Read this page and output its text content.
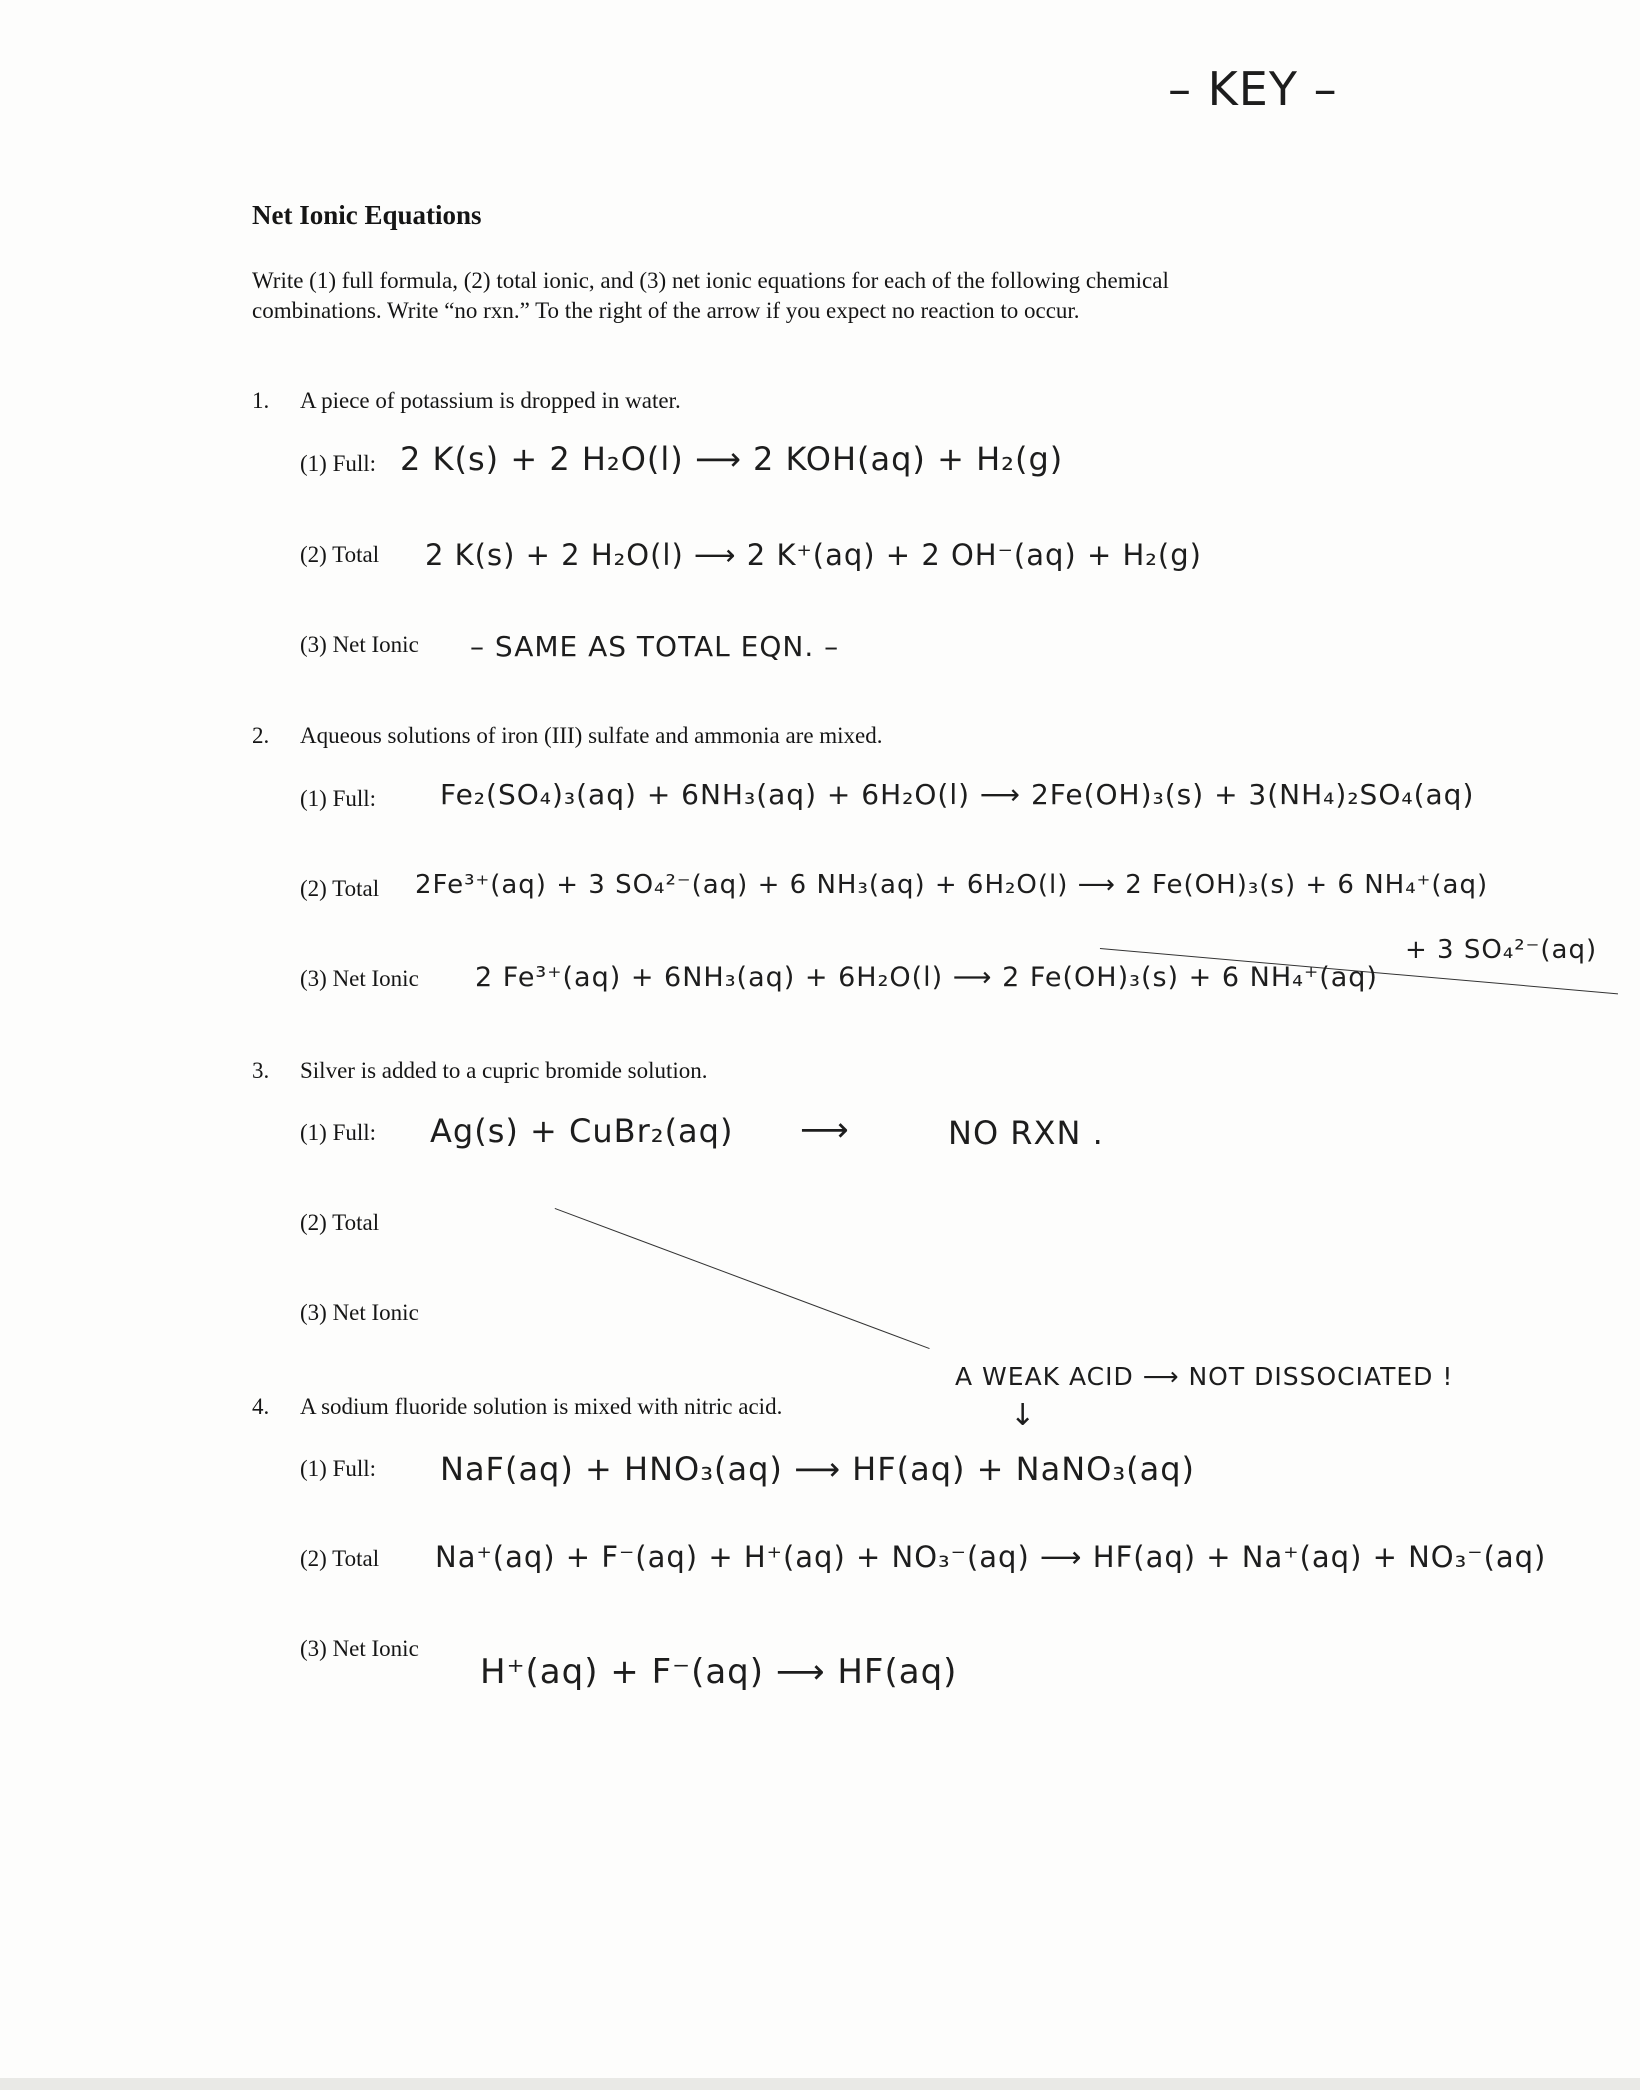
– KEY –
Net Ionic Equations
Write (1) full formula, (2) total ionic, and (3) net ionic equations for each of the following chemical
combinations. Write “no rxn.” To the right of the arrow if you expect no reaction to occur.
1. A piece of potassium is dropped in water.
(1) Full: 2 K(s) + 2 H₂O(l) ⟶ 2 KOH(aq) + H₂(g)
(2) Total 2 K(s) + 2 H₂O(l) ⟶ 2 K⁺(aq) + 2 OH⁻(aq) + H₂(g)
(3) Net Ionic – SAME AS TOTAL EQN. –
2. Aqueous solutions of iron (III) sulfate and ammonia are mixed.
(1) Full: Fe₂(SO₄)₃(aq) + 6NH₃(aq) + 6H₂O(l) ⟶ 2Fe(OH)₃(s) + 3(NH₄)₂SO₄(aq)
(2) Total 2Fe³⁺(aq) + 3 SO₄²⁻(aq) + 6 NH₃(aq) + 6H₂O(l) ⟶ 2 Fe(OH)₃(s) + 6 NH₄⁺(aq)
+ 3 SO₄²⁻(aq)
(3) Net Ionic 2 Fe³⁺(aq) + 6NH₃(aq) + 6H₂O(l) ⟶ 2 Fe(OH)₃(s) + 6 NH₄⁺(aq)
3. Silver is added to a cupric bromide solution.
(1) Full: Ag(s) + CuBr₂(aq) ⟶	NO RXN .
(2) Total
(3) Net Ionic
A WEAK ACID ⟶ NOT DISSOCIATED !
↓
4. A sodium fluoride solution is mixed with nitric acid.
(1) Full: NaF(aq) + HNO₃(aq) ⟶ HF(aq) + NaNO₃(aq)
(2) Total Na⁺(aq) + F⁻(aq) + H⁺(aq) + NO₃⁻(aq) ⟶ HF(aq) + Na⁺(aq) + NO₃⁻(aq)
(3) Net Ionic
H⁺(aq) + F⁻(aq) ⟶ HF(aq)
